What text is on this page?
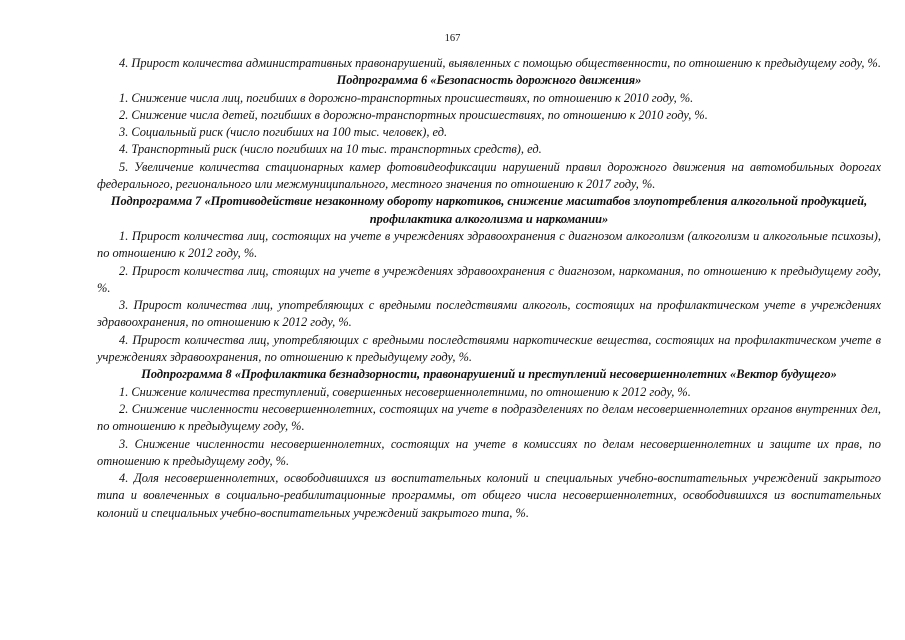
167

4. Прирост количества административных правонарушений, выявленных с помощью общественности, по отношению к предыдущему году, %.

Подпрограмма 6 «Безопасность дорожного движения»

1. Снижение числа лиц, погибших в дорожно-транспортных происшествиях, по отношению к 2010 году, %.

2. Снижение числа детей, погибших в дорожно-транспортных происшествиях, по отношению к 2010 году, %.

3. Социальный риск (число погибших на 100 тыс. человек), ед.

4. Транспортный риск (число погибших на 10 тыс. транспортных средств), ед.

5. Увеличение количества стационарных камер фотовидеофиксации нарушений правил дорожного движения на автомобильных дорогах федерального, регионального или межмуниципального, местного значения по отношению к 2017 году, %.

Подпрограмма 7 «Противодействие незаконному обороту наркотиков, снижение масштабов злоупотребления алкогольной продукцией, профилактика алкоголизма и наркомании»

1. Прирост количества лиц, состоящих на учете в учреждениях здравоохранения с диагнозом алкоголизм (алкоголизм и алкогольные психозы), по отношению к 2012 году, %.

2. Прирост количества лиц, стоящих на учете в учреждениях здравоохранения с диагнозом, наркомания, по отношению к предыдущему году, %.

3. Прирост количества лиц, употребляющих с вредными последствиями алкоголь, состоящих на профилактическом учете в учреждениях здравоохранения, по отношению к 2012 году, %.

4. Прирост количества лиц, употребляющих с вредными последствиями наркотические вещества, состоящих на профилактическом учете в учреждениях здравоохранения, по отношению к предыдущему году, %.

Подпрограмма 8 «Профилактика безнадзорности, правонарушений и преступлений несовершеннолетних «Вектор будущего»

1. Снижение количества преступлений, совершенных несовершеннолетними, по отношению к 2012 году, %.

2. Снижение численности несовершеннолетних, состоящих на учете в подразделениях по делам несовершеннолетних органов внутренних дел, по отношению к предыдущему году, %.

3. Снижение численности несовершеннолетних, состоящих на учете в комиссиях по делам несовершеннолетних и защите их прав, по отношению к предыдущему году, %.

4. Доля несовершеннолетних, освободившихся из воспитательных колоний и специальных учебно-воспитательных учреждений закрытого типа и вовлеченных в социально-реабилитационные программы, от общего числа несовершеннолетних, освободившихся из воспитательных колоний и специальных учебно-воспитательных учреждений закрытого типа, %.
